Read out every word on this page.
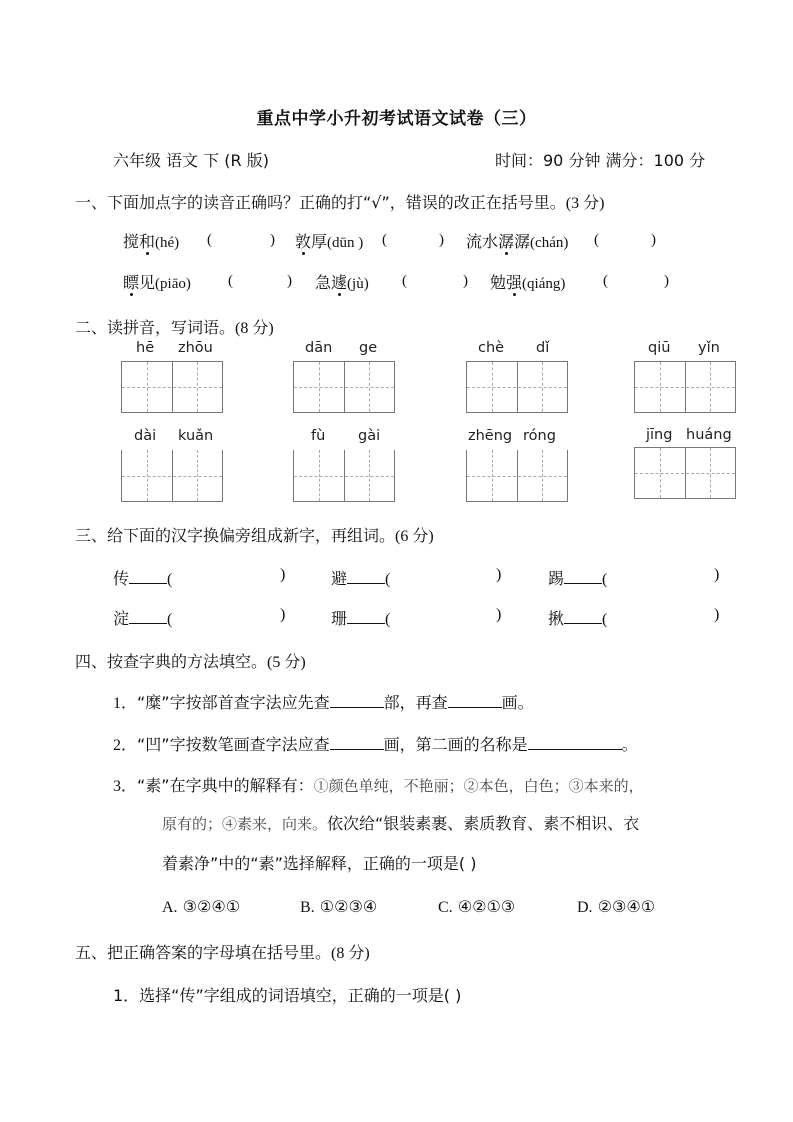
重点中学小升初考试语文试卷（三）
六年级 语文 下 (R 版)	时间：90 分钟 满分：100 分
一、下面加点字的读音正确吗？正确的打“√”，错误的改正在括号里。(3 分)
搅和(hé) (	) 敦厚(dūn ) (	) 流水潺潺(chán) (	)
瞟见(piāo) (	) 急遽(jù) (	) 勉强(qiáng)	(	)
二、读拼音，写词语。(8 分)
hē zhōu	dān ge	chè dǐ	qiū yǐn
dài kuǎn	fù gài	zhēng róng	jīng huáng
三、给下面的汉字换偏旁组成新字，再组词。(6 分)
传 (	)	避 (	)	踢 (	)
淀 (	)	珊 (	)	揪 (	)
四、按查字典的方法填空。(5 分)
1．“糜”字按部首查字法应先查	部，再查	画。
2．“凹”字按数笔画查字法应查	画，第二画的名称是	。
3．“素”在字典中的解释有：①颜色单纯，不艳丽；②本色，白色；③本来的，
原有的；④素来，向来。依次给“银装素裹、素质教育、素不相识、衣
着素净”中的“素”选择解释，正确的一项是( )
A. ③②④①	B. ①②③④	C. ④②①③	D. ②③④①
五、把正确答案的字母填在括号里。(8 分)
1．选择“传”字组成的词语填空，正确的一项是( )
